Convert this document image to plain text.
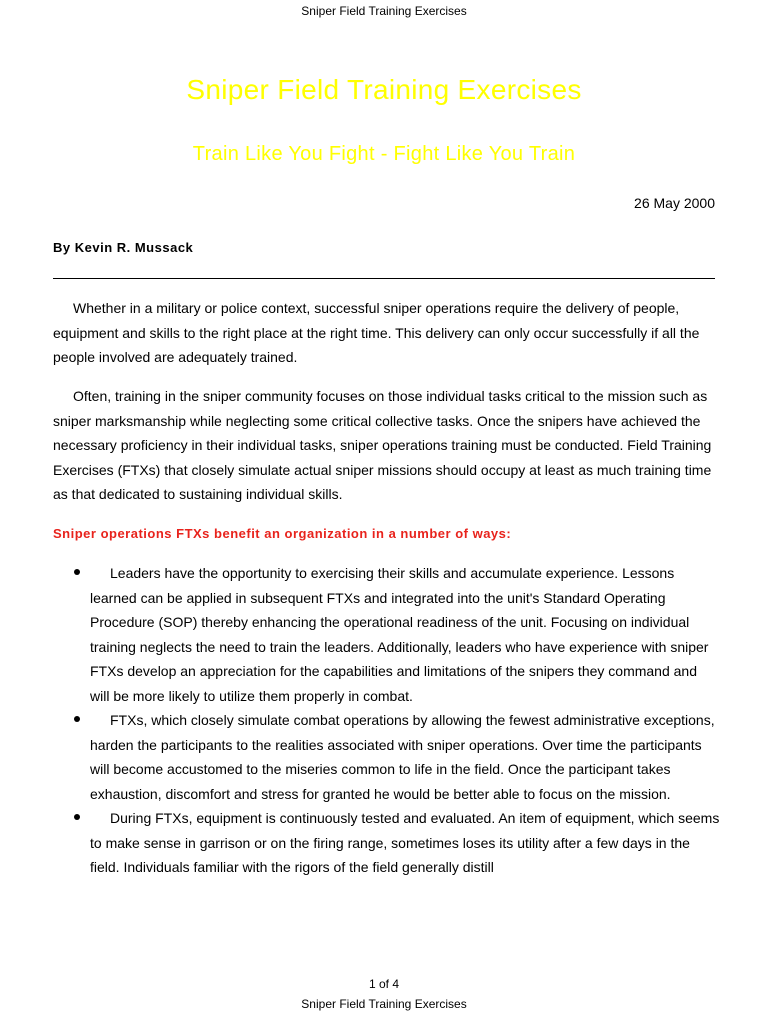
Sniper Field Training Exercises
Sniper Field Training Exercises
Train Like You Fight - Fight Like You Train
26 May 2000
By Kevin R. Mussack

Whether in a military or police context, successful sniper operations require the delivery of people, equipment and skills to the right place at the right time. This delivery can only occur successfully if all the people involved are adequately trained.

Often, training in the sniper community focuses on those individual tasks critical to the mission such as sniper marksmanship while neglecting some critical collective tasks. Once the snipers have achieved the necessary proficiency in their individual tasks, sniper operations training must be conducted. Field Training Exercises (FTXs) that closely simulate actual sniper missions should occupy at least as much training time as that dedicated to sustaining individual skills.

Sniper operations FTXs benefit an organization in a number of ways:
Leaders have the opportunity to exercising their skills and accumulate experience. Lessons learned can be applied in subsequent FTXs and integrated into the unit's Standard Operating Procedure (SOP) thereby enhancing the operational readiness of the unit. Focusing on individual training neglects the need to train the leaders. Additionally, leaders who have experience with sniper FTXs develop an appreciation for the capabilities and limitations of the snipers they command and will be more likely to utilize them properly in combat.
FTXs, which closely simulate combat operations by allowing the fewest administrative exceptions, harden the participants to the realities associated with sniper operations. Over time the participants will become accustomed to the miseries common to life in the field. Once the participant takes exhaustion, discomfort and stress for granted he would be better able to focus on the mission.
During FTXs, equipment is continuously tested and evaluated. An item of equipment, which seems to make sense in garrison or on the firing range, sometimes loses its utility after a few days in the field. Individuals familiar with the rigors of the field generally distill
1 of 4
Sniper Field Training Exercises
